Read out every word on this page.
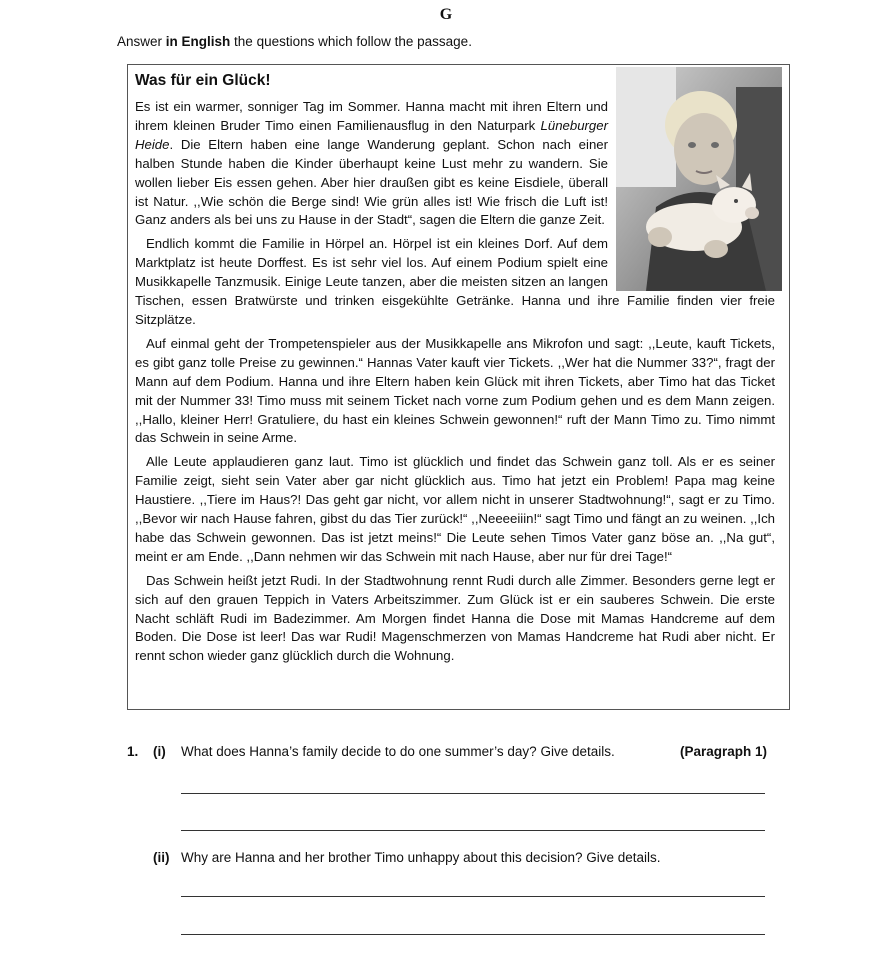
G
Answer in English the questions which follow the passage.
Was für ein Glück!

Es ist ein warmer, sonniger Tag im Sommer. Hanna macht mit ihren Eltern und ihrem kleinen Bruder Timo einen Familienausflug in den Naturpark Lüneburger Heide. Die Eltern haben eine lange Wanderung geplant. Schon nach einer halben Stunde haben die Kinder überhaupt keine Lust mehr zu wandern. Sie wollen lieber Eis essen gehen. Aber hier draußen gibt es keine Eisdiele, überall ist Natur. ,,Wie schön die Berge sind! Wie grün alles ist! Wie frisch die Luft ist! Ganz anders als bei uns zu Hause in der Stadt“, sagen die Eltern die ganze Zeit.

Endlich kommt die Familie in Hörpel an. Hörpel ist ein kleines Dorf. Auf dem Marktplatz ist heute Dorffest. Es ist sehr viel los. Auf einem Podium spielt eine Musikkapelle Tanzmusik. Einige Leute tanzen, aber die meisten sitzen an langen Tischen, essen Bratwürste und trinken eisgekühlte Getränke. Hanna und ihre Familie finden vier freie Sitzplätze.

Auf einmal geht der Trompetenspieler aus der Musikkapelle ans Mikrofon und sagt: ,,Leute, kauft Tickets, es gibt ganz tolle Preise zu gewinnen.“ Hannas Vater kauft vier Tickets. ,,Wer hat die Nummer 33?“, fragt der Mann auf dem Podium. Hanna und ihre Eltern haben kein Glück mit ihren Tickets, aber Timo hat das Ticket mit der Nummer 33! Timo muss mit seinem Ticket nach vorne zum Podium gehen und es dem Mann zeigen. ,,Hallo, kleiner Herr! Gratuliere, du hast ein kleines Schwein gewonnen!“ ruft der Mann Timo zu. Timo nimmt das Schwein in seine Arme.

Alle Leute applaudieren ganz laut. Timo ist glücklich und findet das Schwein ganz toll. Als er es seiner Familie zeigt, sieht sein Vater aber gar nicht glücklich aus. Timo hat jetzt ein Problem! Papa mag keine Haustiere. ,,Tiere im Haus?! Das geht gar nicht, vor allem nicht in unserer Stadtwohnung!“, sagt er zu Timo. ,,Bevor wir nach Hause fahren, gibst du das Tier zurück!“ ,,Neeeeiiin!“ sagt Timo und fängt an zu weinen. ,,Ich habe das Schwein gewonnen. Das ist jetzt meins!“ Die Leute sehen Timos Vater ganz böse an. ,,Na gut“, meint er am Ende. ,,Dann nehmen wir das Schwein mit nach Hause, aber nur für drei Tage!“

Das Schwein heißt jetzt Rudi. In der Stadtwohnung rennt Rudi durch alle Zimmer. Besonders gerne legt er sich auf den grauen Teppich in Vaters Arbeitszimmer. Zum Glück ist er ein sauberes Schwein. Die erste Nacht schläft Rudi im Badezimmer. Am Morgen findet Hanna die Dose mit Mamas Handcreme auf dem Boden. Die Dose ist leer! Das war Rudi! Magenschmerzen von Mamas Handcreme hat Rudi aber nicht. Er rennt schon wieder ganz glücklich durch die Wohnung.

1. (i) What does Hanna’s family decide to do one summer’s day? Give details.	(Paragraph 1)
(ii) Why are Hanna and her brother Timo unhappy about this decision? Give details.
